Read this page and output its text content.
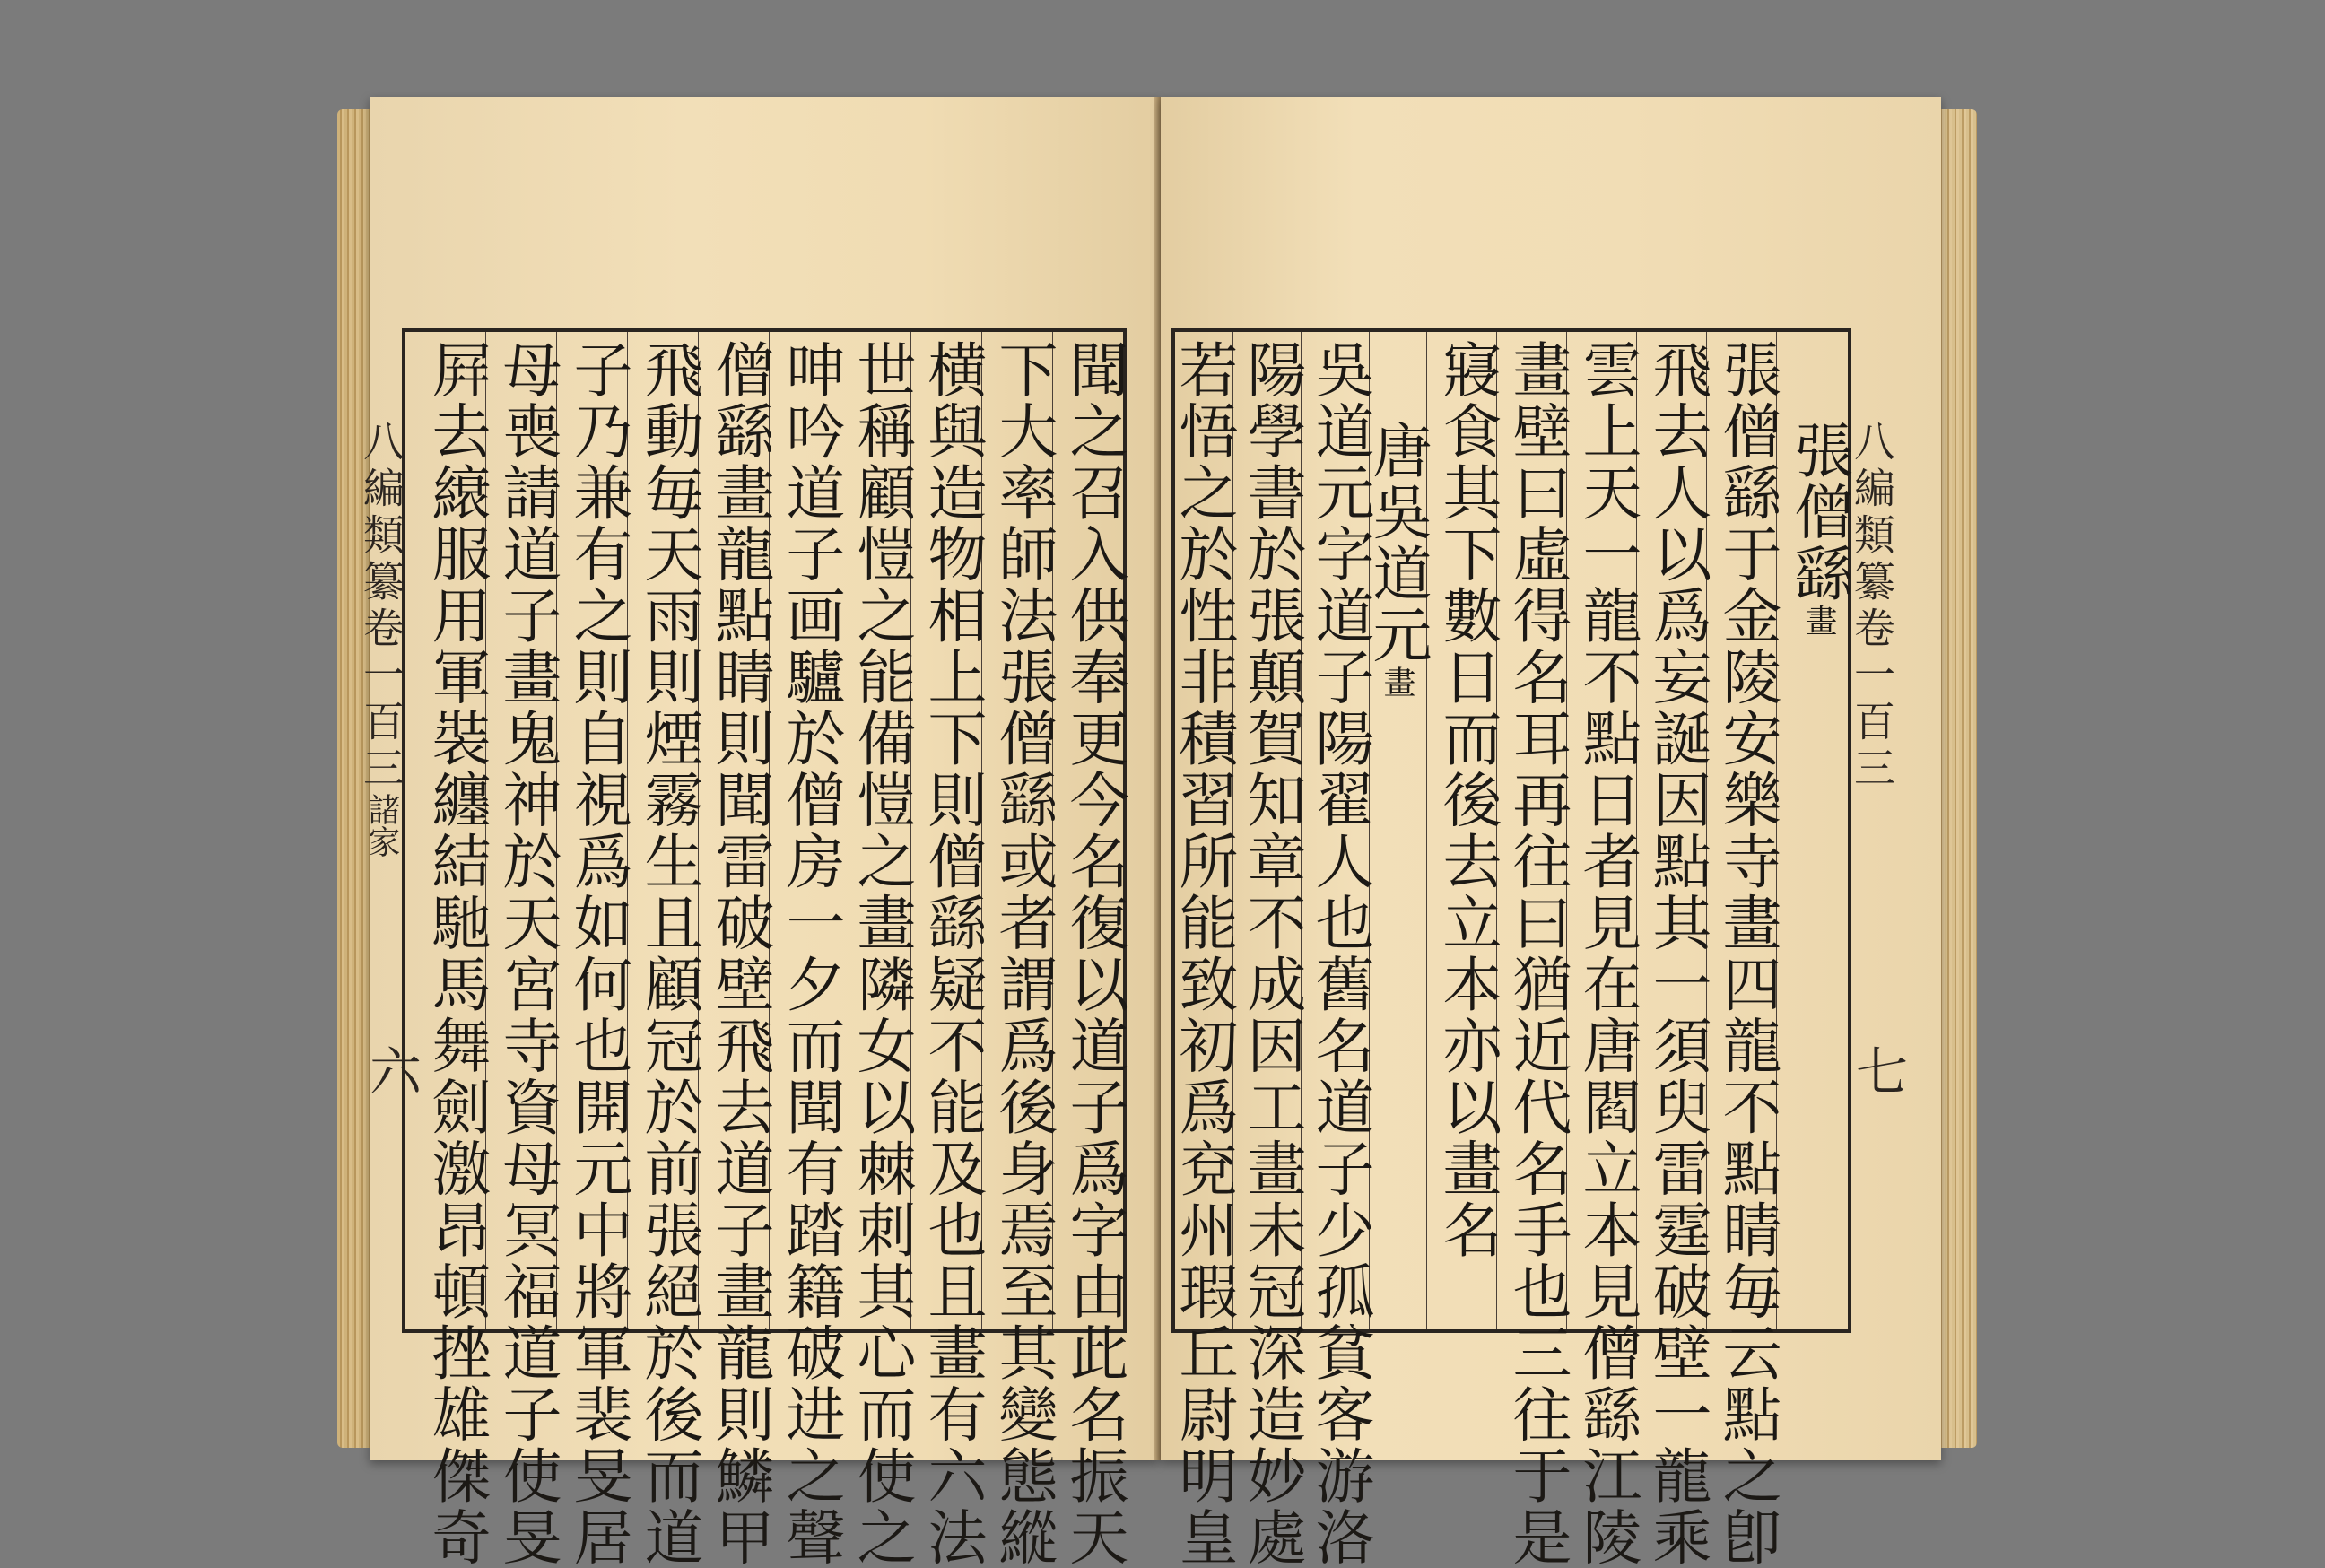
聞之召入供奉更今名復以道子爲字由此名振天
下大率師法張僧繇或者謂爲後身焉至其變態縱
横與造物相上下則僧繇疑不能及也且畫有六法
世稱顧愷之能備愷之畫隣女以棘刺其心而使之
呻吟道子画驢於僧房一夕而聞有踏籍破进之聲
僧繇畫龍點睛則聞雷破壁飛去道子畫龍則鱗甲
飛動毎天雨則煙霧生且顧冠於前張絕於後而道
子乃兼有之則自視爲如何也開元中將軍裴旻居
母喪請道子畫鬼神於天宮寺資母冥福道子使旻
屛去縗服用軍裝纏結馳馬舞劍激昂頓挫雄傑奇
八編類纂卷一百三諸家
六
張僧繇畫
張僧繇于金陵安樂寺畫四龍不點睛毎云點之卽
飛去人以爲妄誕因點其一須臾雷霆破壁一龍乘
雲上天一龍不點日者見在唐閻立本見僧繇江陵
畫壁曰虛得名耳再往曰猶近代名手也三往于是
寢食其下數日而後去立本亦以畫名
唐吳道元畫
吳道元字道子陽翟人也舊名道子少孤貧客游洛
陽學書於張顛賀知章不成因工畫未冠深造妙處
若悟之於性非積習所能致初爲兗州瑕丘尉明皇	八編類纂卷一百三
七
